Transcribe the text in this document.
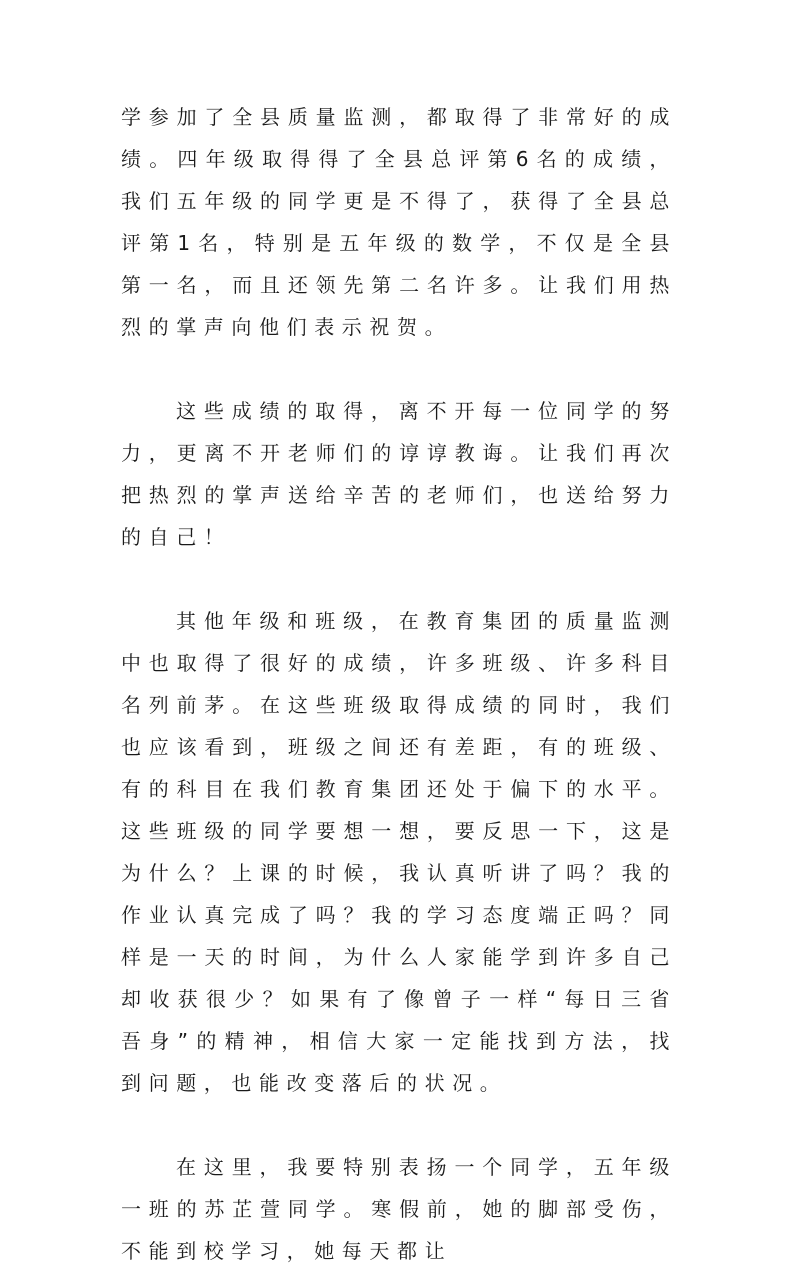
学参加了全县质量监测，都取得了非常好的成绩。四年级取得得了全县总评第6名的成绩，我们五年级的同学更是不得了，获得了全县总评第1名，特别是五年级的数学，不仅是全县第一名，而且还领先第二名许多。让我们用热烈的掌声向他们表示祝贺。

这些成绩的取得，离不开每一位同学的努力，更离不开老师们的谆谆教诲。让我们再次把热烈的掌声送给辛苦的老师们，也送给努力的自己！

其他年级和班级，在教育集团的质量监测中也取得了很好的成绩，许多班级、许多科目名列前茅。在这些班级取得成绩的同时，我们也应该看到，班级之间还有差距，有的班级、有的科目在我们教育集团还处于偏下的水平。这些班级的同学要想一想，要反思一下，这是为什么？上课的时候，我认真听讲了吗？我的作业认真完成了吗？我的学习态度端正吗？同样是一天的时间，为什么人家能学到许多自己却收获很少？如果有了像曾子一样“每日三省吾身”的精神，相信大家一定能找到方法，找到问题，也能改变落后的状况。

在这里，我要特别表扬一个同学，五年级一班的苏芷萱同学。寒假前，她的脚部受伤，不能到校学习，她每天都让
